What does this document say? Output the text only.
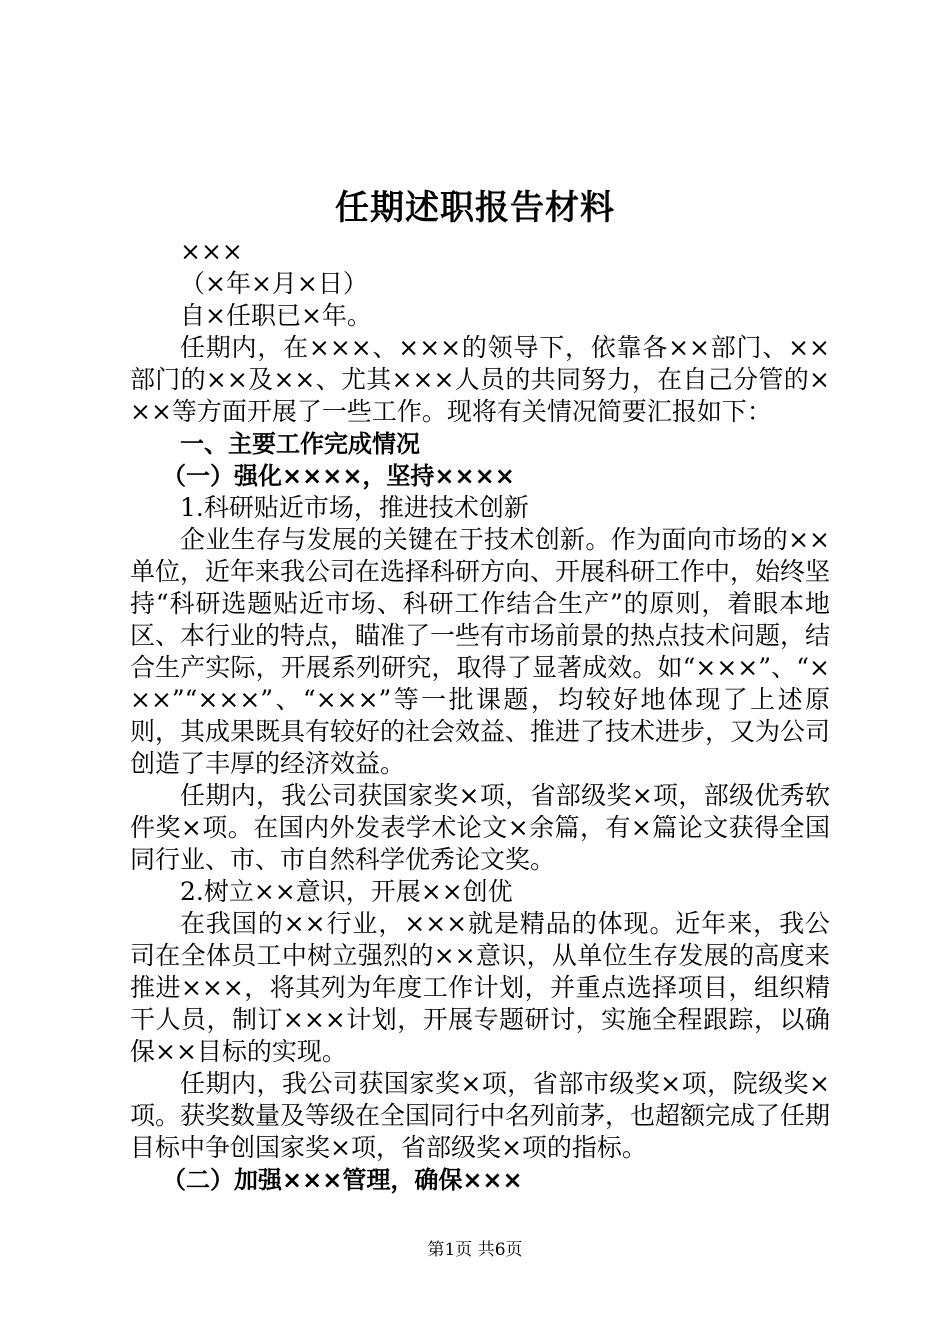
任期述职报告材料

×××

（×年×月×日）

自×任职已×年。

任期内，在×××、×××的领导下，依靠各××部门、××部门的××及××、尤其×××人员的共同努力，在自己分管的×××等方面开展了一些工作。现将有关情况简要汇报如下：

一、主要工作完成情况

（一）强化××××，坚持××××

1.科研贴近市场，推进技术创新

企业生存与发展的关键在于技术创新。作为面向市场的××单位，近年来我公司在选择科研方向、开展科研工作中，始终坚持“科研选题贴近市场、科研工作结合生产”的原则，着眼本地区、本行业的特点，瞄准了一些有市场前景的热点技术问题，结合生产实际，开展系列研究，取得了显著成效。如“×××”、“×××”“×××”、“×××”等一批课题，均较好地体现了上述原则，其成果既具有较好的社会效益、推进了技术进步，又为公司创造了丰厚的经济效益。

任期内，我公司获国家奖×项，省部级奖×项，部级优秀软件奖×项。在国内外发表学术论文×余篇，有×篇论文获得全国同行业、市、市自然科学优秀论文奖。

2.树立××意识，开展××创优

在我国的××行业，×××就是精品的体现。近年来，我公司在全体员工中树立强烈的××意识，从单位生存发展的高度来推进×××，将其列为年度工作计划，并重点选择项目，组织精干人员，制订×××计划，开展专题研讨，实施全程跟踪，以确保××目标的实现。

任期内，我公司获国家奖×项，省部市级奖×项，院级奖×项。获奖数量及等级在全国同行中名列前茅，也超额完成了任期目标中争创国家奖×项，省部级奖×项的指标。

（二）加强×××管理，确保×××

第1页 共6页
